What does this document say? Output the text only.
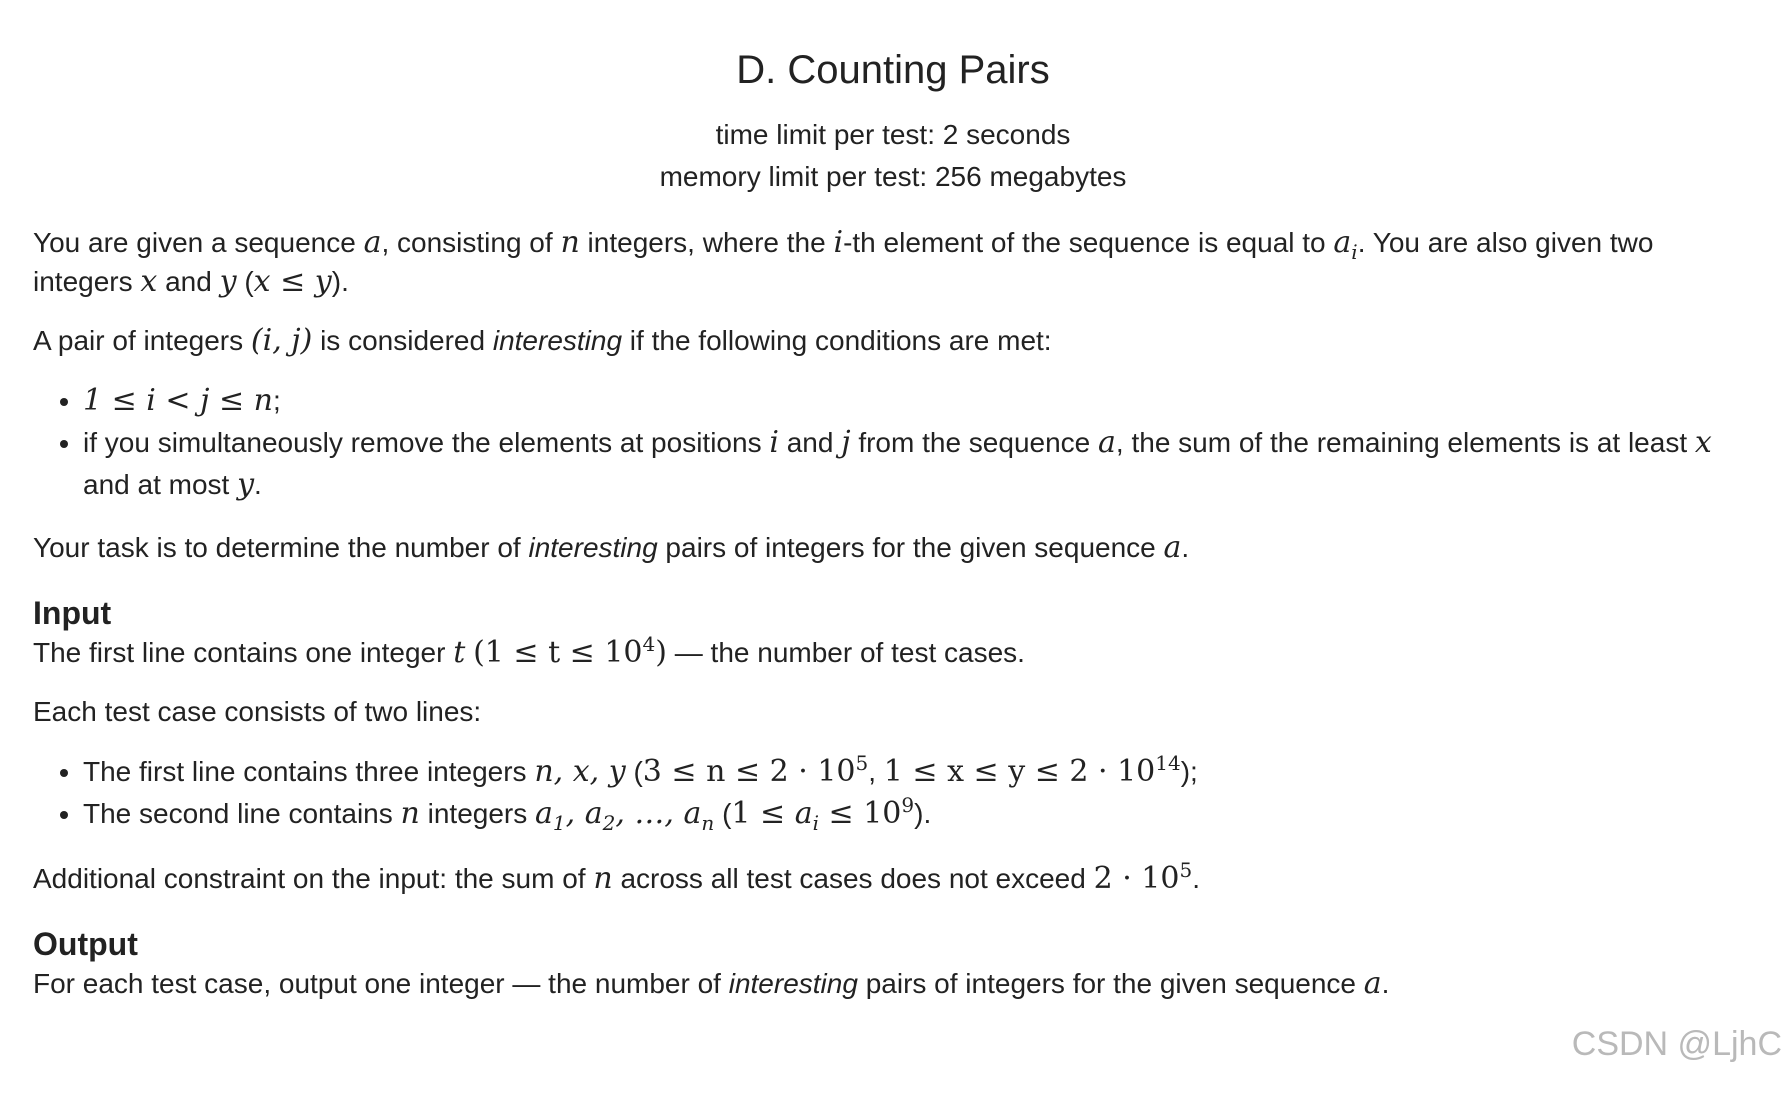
D. Counting Pairs
time limit per test: 2 seconds
memory limit per test: 256 megabytes

You are given a sequence a, consisting of n integers, where the i-th element of the sequence is equal to $a_i$. You are also given two integers x and y (x ≤ y).

A pair of integers (i, j) is considered interesting if the following conditions are met:

• 1 ≤ i < j ≤ n;
• if you simultaneously remove the elements at positions i and j from the sequence a, the sum of the remaining elements is at least x and at most y.

Your task is to determine the number of interesting pairs of integers for the given sequence a.

Input

The first line contains one integer t $(1 \le t \le 10^4)$ — the number of test cases.

Each test case consists of two lines:

• The first line contains three integers n, x, y ($3 \le n \le 2 \cdot 10^5$, $1 \le x \le y \le 2 \cdot 10^{14}$);
• The second line contains n integers $a_1$, $a_2$, …, $a_n$ $(1 \le a_i \le 10^9)$.

Additional constraint on the input: the sum of n across all test cases does not exceed $2 \cdot 10^5$.

Output

For each test case, output one integer — the number of interesting pairs of integers for the given sequence a.

CSDN @LjhC
